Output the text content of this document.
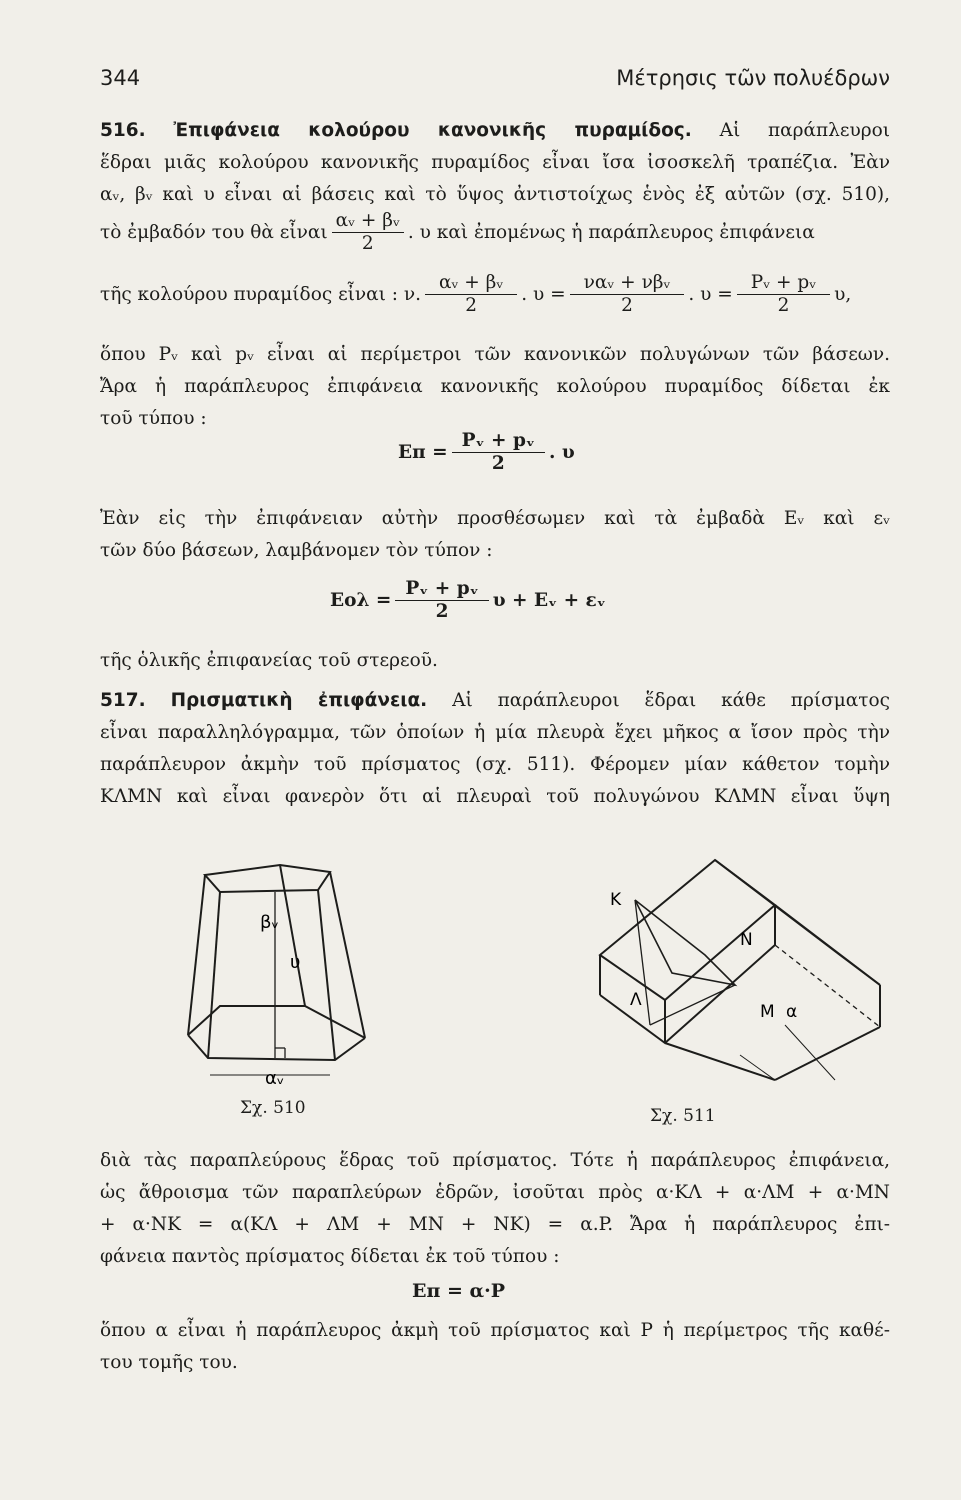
344	Μέτρησις τῶν πολυέδρων
516. Ἐπιφάνεια κολούρου κανονικῆς πυραμίδος. Αἱ παράπλευροι
ἕδραι μιᾶς κολούρου κανονικῆς πυραμίδος εἶναι ἴσα ἰσοσκελῆ τραπέζια. Ἐὰν
αᵥ, βᵥ καὶ υ εἶναι αἱ βάσεις καὶ τὸ ὕψος ἀντιστοίχως ἑνὸς ἐξ αὐτῶν (σχ. 510),
τὸ ἐμβαδόν του θὰ εἶναι $\frac{\text{αᵥ + βᵥ}}{2}$ . υ καὶ ἐπομένως ἡ παράπλευρος ἐπιφάνεια
τῆς κολούρου πυραμίδος εἶναι : ν. $\frac{\text{αᵥ + βᵥ}}{2}$ . $\upsilon = \frac{\text{ναᵥ + νβᵥ}}{2}$ . $\upsilon = \frac{\text{Pᵥ + pᵥ}}{2} \upsilon$,
ὅπου Pᵥ καὶ pᵥ εἶναι αἱ περίμετροι τῶν κανονικῶν πολυγώνων τῶν βάσεων.
Ἄρα ἡ παράπλευρος ἐπιφάνεια κανονικῆς κολούρου πυραμίδος δίδεται ἐκ
τοῦ τύπου :
$E\pi = \frac{\text{Pᵥ + pᵥ}}{2}$ . υ
Ἐὰν εἰς τὴν ἐπιφάνειαν αὐτὴν προσθέσωμεν καὶ τὰ ἐμβαδὰ Eᵥ καὶ εᵥ
τῶν δύο βάσεων, λαμβάνομεν τὸν τύπον :
$Eo\lambda = \frac{\text{Pᵥ + pᵥ}}{2}$ υ + Eᵥ + εᵥ
τῆς ὁλικῆς ἐπιφανείας τοῦ στερεοῦ.
517. Πρισματικὴ ἐπιφάνεια. Αἱ παράπλευροι ἕδραι κάθε πρίσματος
εἶναι παραλληλόγραμμα, τῶν ὁποίων ἡ μία πλευρὰ ἔχει μῆκος α ἴσον πρὸς τὴν
παράπλευρον ἀκμὴν τοῦ πρίσματος (σχ. 511). Φέρομεν μίαν κάθετον τομὴν
ΚΛΜΝ καὶ εἶναι φανερὸν ὅτι αἱ πλευραὶ τοῦ πολυγώνου ΚΛΜΝ εἶναι ὕψη
βᵥ
υ
αᵥ
Σχ. 510
K
N
Λ
M α
Σχ. 511
διὰ τὰς παραπλεύρους ἕδρας τοῦ πρίσματος. Τότε ἡ παράπλευρος ἐπιφάνεια,
ὡς ἄθροισμα τῶν παραπλεύρων ἑδρῶν, ἰσοῦται πρὸς α·ΚΛ + α·ΛΜ + α·ΜΝ
+ α·ΝΚ = α(ΚΛ + ΛΜ + ΜΝ + ΝΚ) = α.P. Ἄρα ἡ παράπλευρος ἐπι-
φάνεια παντὸς πρίσματος δίδεται ἐκ τοῦ τύπου :
Eπ = α·P
ὅπου α εἶναι ἡ παράπλευρος ἀκμὴ τοῦ πρίσματος καὶ P ἡ περίμετρος τῆς καθέ-
του τομῆς του.
